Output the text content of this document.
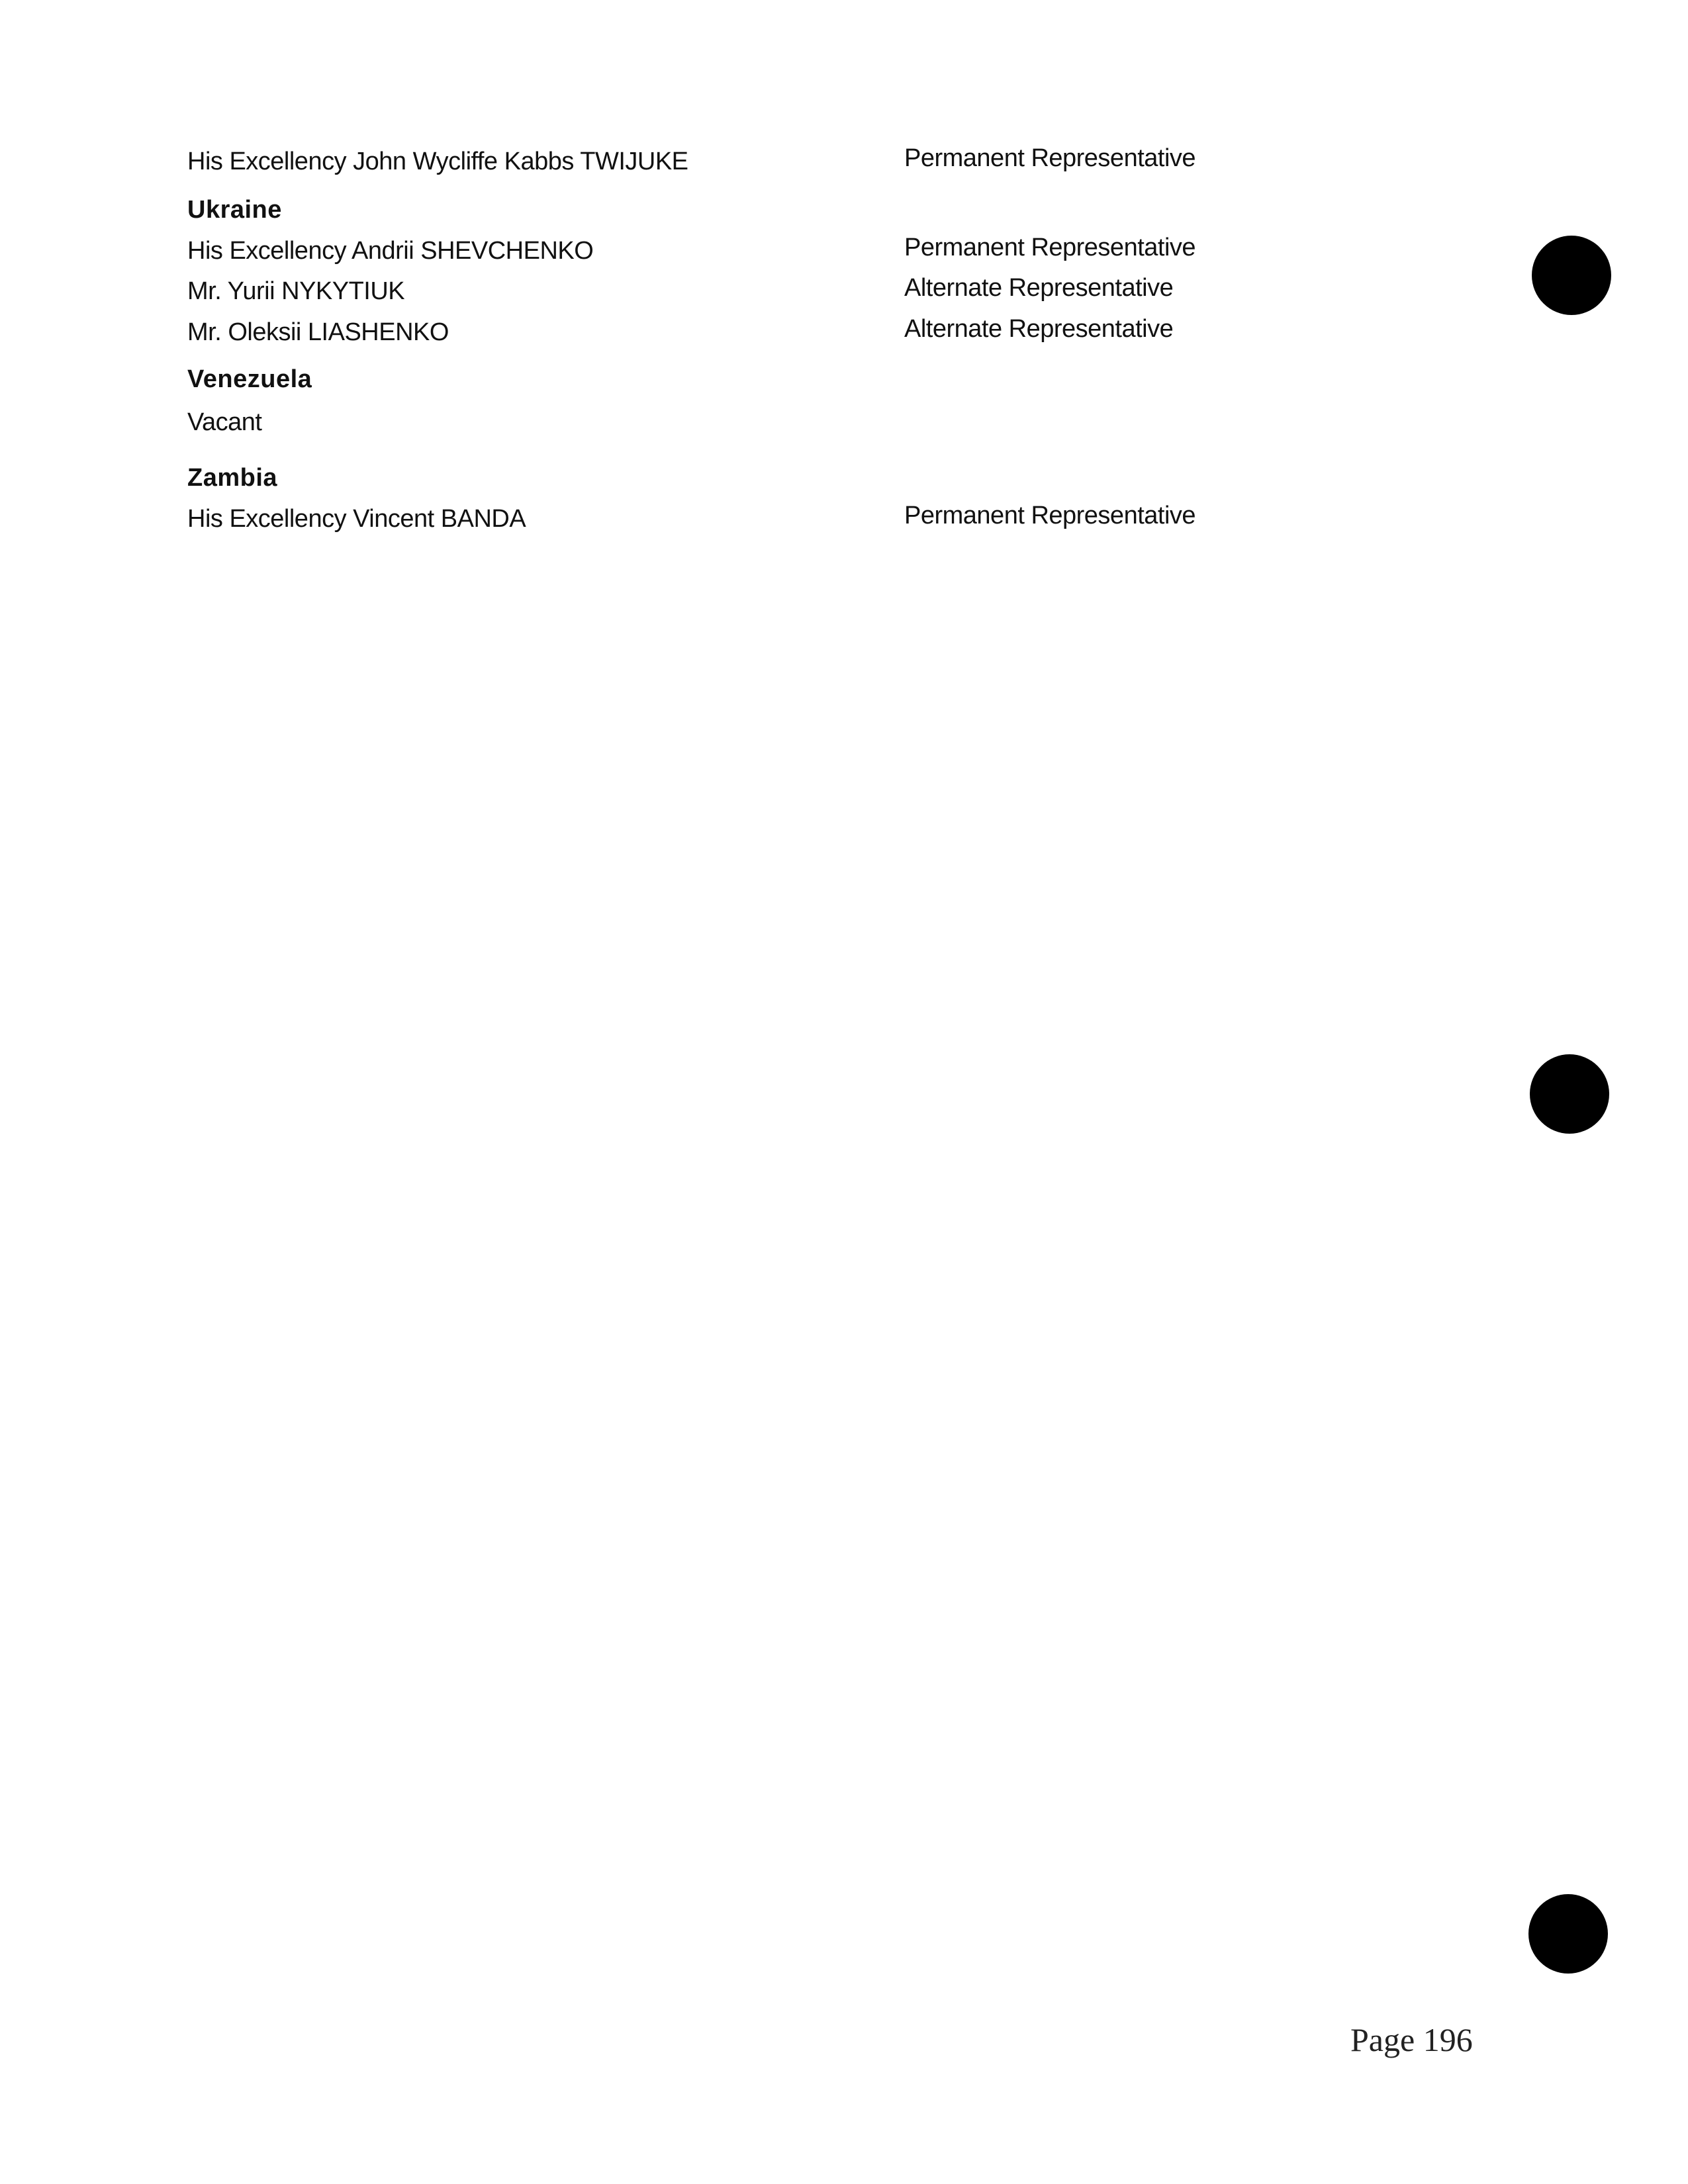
His Excellency John Wycliffe Kabbs TWIJUKE	Permanent Representative
Ukraine
His Excellency Andrii SHEVCHENKO	Permanent Representative
Mr. Yurii NYKYTIUK	Alternate Representative
Mr. Oleksii LIASHENKO	Alternate Representative
Venezuela
Vacant
Zambia
His Excellency Vincent BANDA	Permanent Representative
Page 196
